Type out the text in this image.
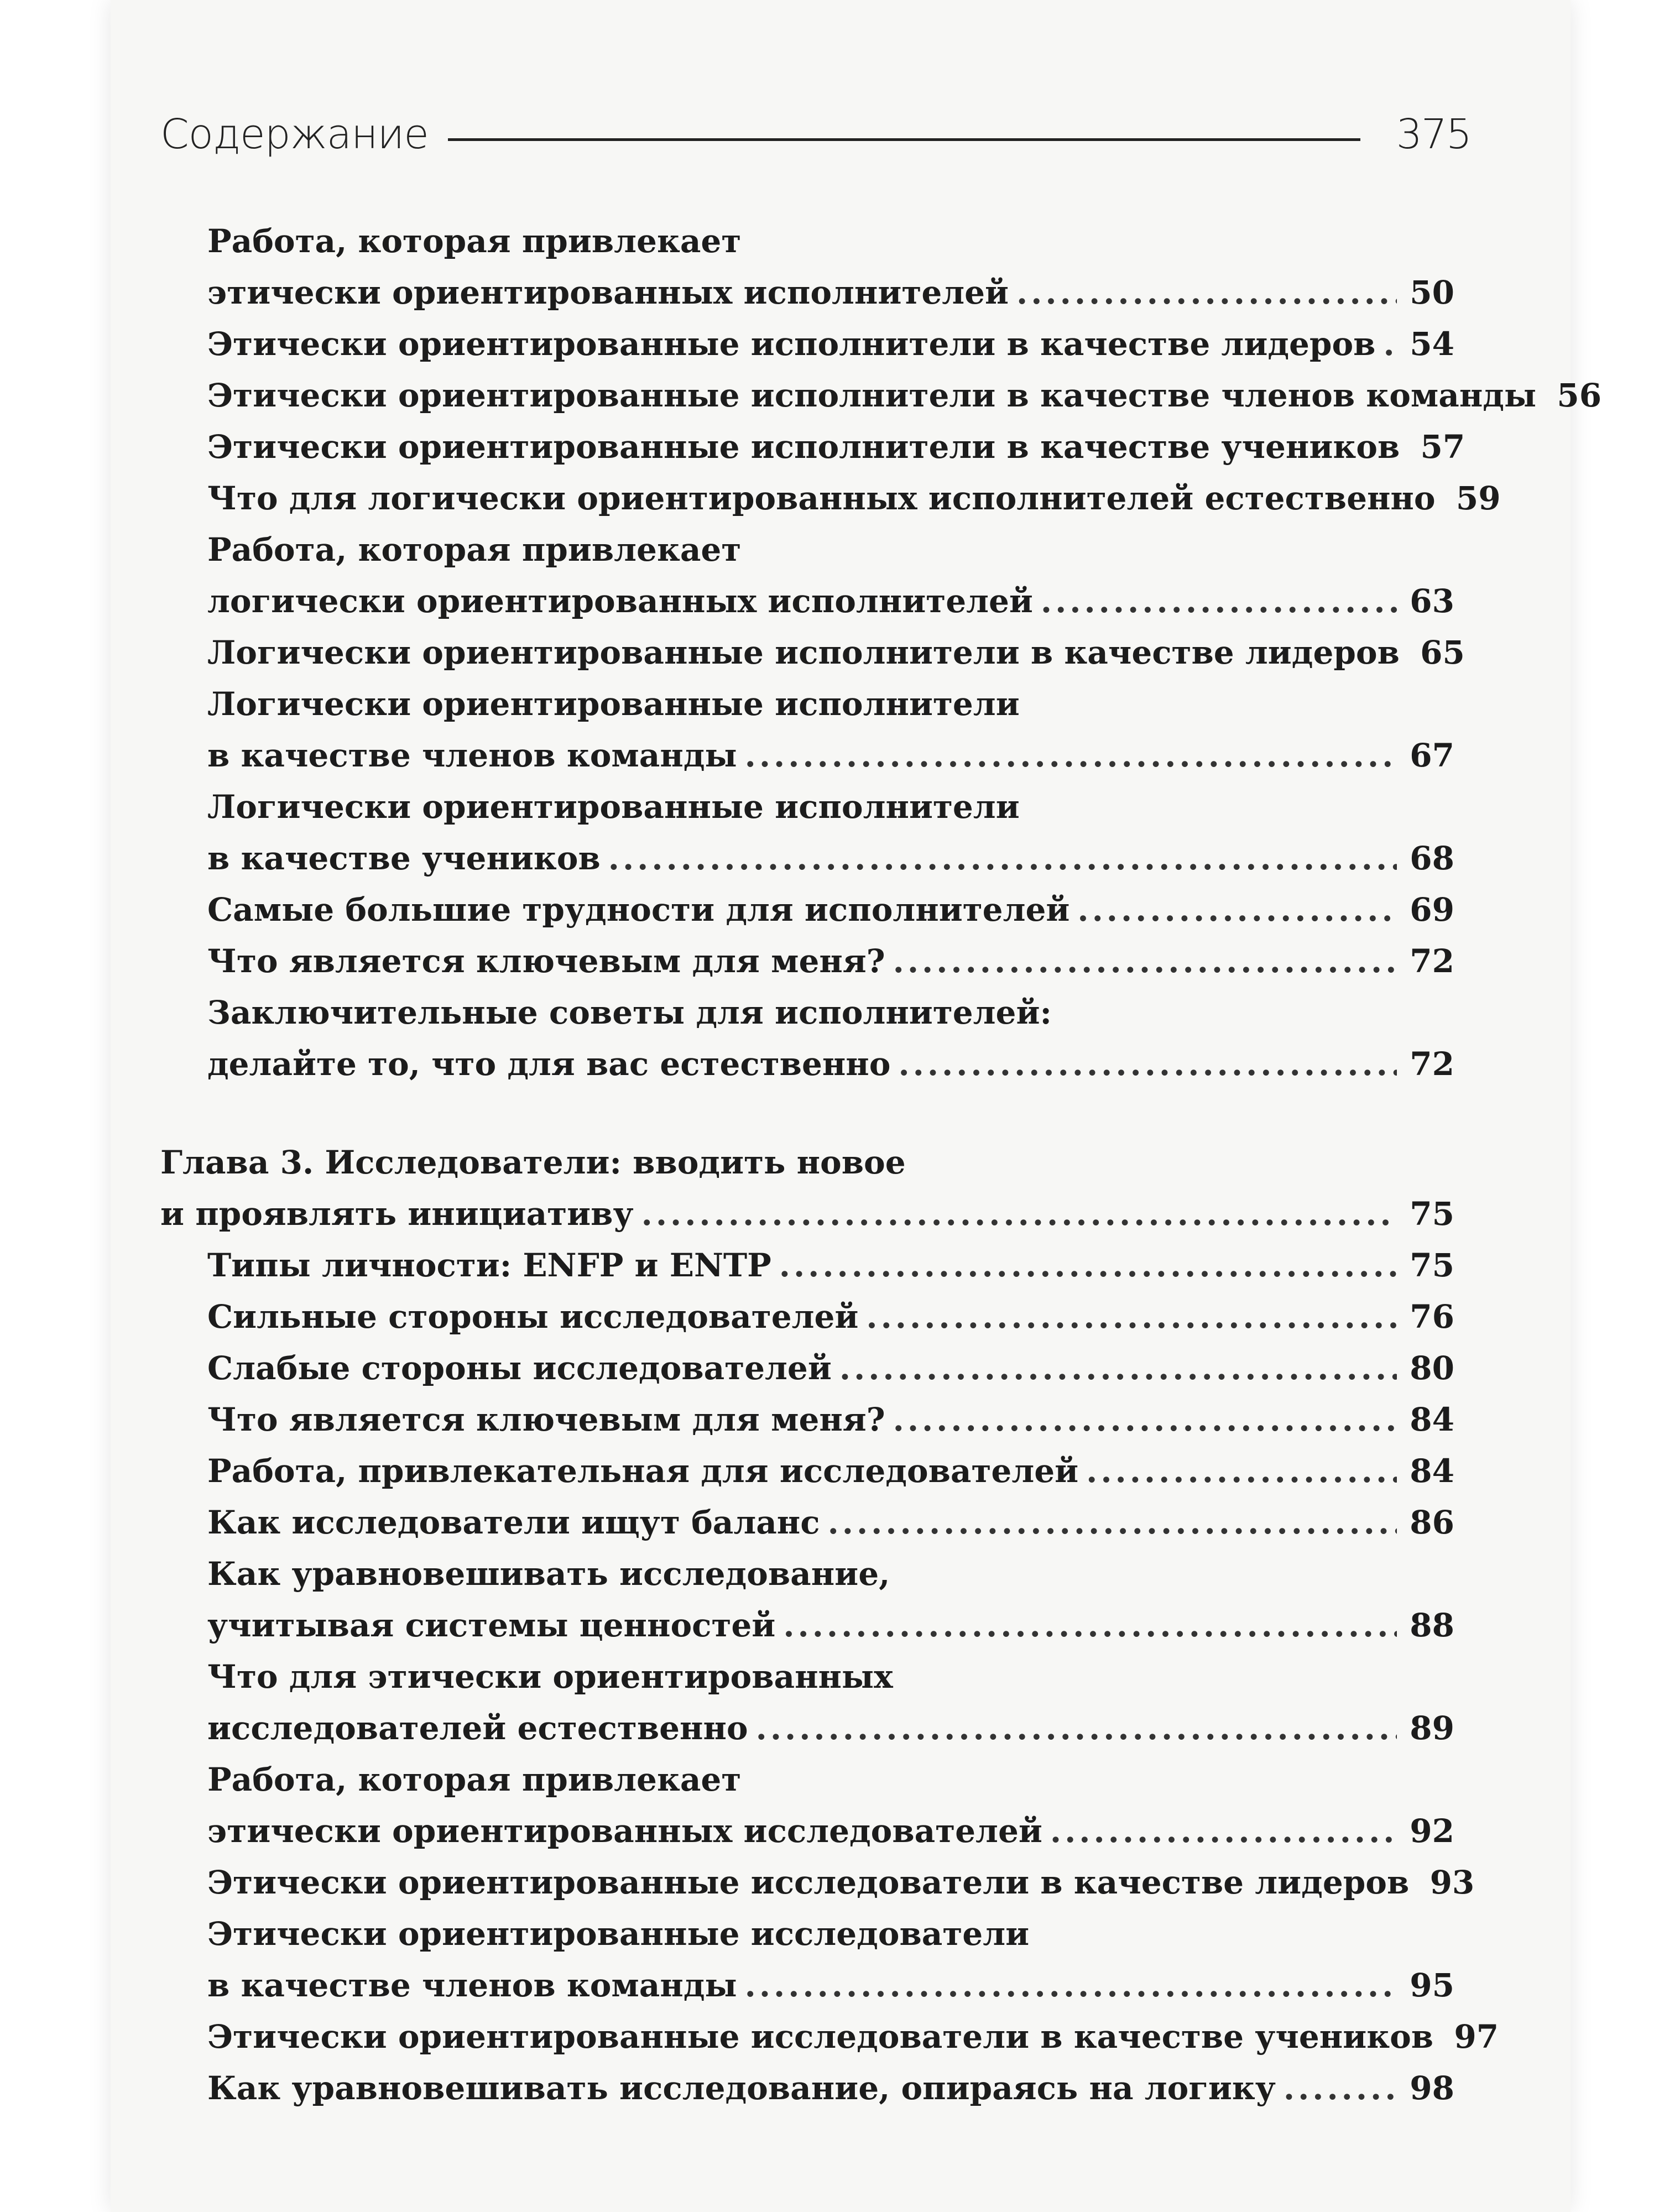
Содержание	375
Работа, которая привлекает
этически ориентированных исполнителей .....	50
Этически ориентированные исполнители в качестве лидеров ..... 54
Этически ориентированные исполнители в качестве членов команды 56
Этически ориентированные исполнители в качестве учеников 57
Что для логически ориентированных исполнителей естественно 59
Работа, которая привлекает
логически ориентированных исполнителей .....	63
Логически ориентированные исполнители в качестве лидеров 65
Логически ориентированные исполнители
в качестве членов команды .....	67
Логически ориентированные исполнители
в качестве учеников .....	68
Самые большие трудности для исполнителей .....	69
Что является ключевым для меня? .....	72
Заключительные советы для исполнителей:
делайте то, что для вас естественно .....	72
Глава 3. Исследователи: вводить новое
и проявлять инициативу .....	75
Типы личности: ENFP и ENTP .....	75
Сильные стороны исследователей .....	76
Слабые стороны исследователей .....	80
Что является ключевым для меня? .....	84
Работа, привлекательная для исследователей .....	84
Как исследователи ищут баланс .....	86
Как уравновешивать исследование,
учитывая системы ценностей .....	88
Что для этически ориентированных
исследователей естественно .....	89
Работа, которая привлекает
этически ориентированных исследователей .....	92
Этически ориентированные исследователи в качестве лидеров 93
Этически ориентированные исследователи
в качестве членов команды .....	95
Этически ориентированные исследователи в качестве учеников 97
Как уравновешивать исследование, опираясь на логику .....	98
